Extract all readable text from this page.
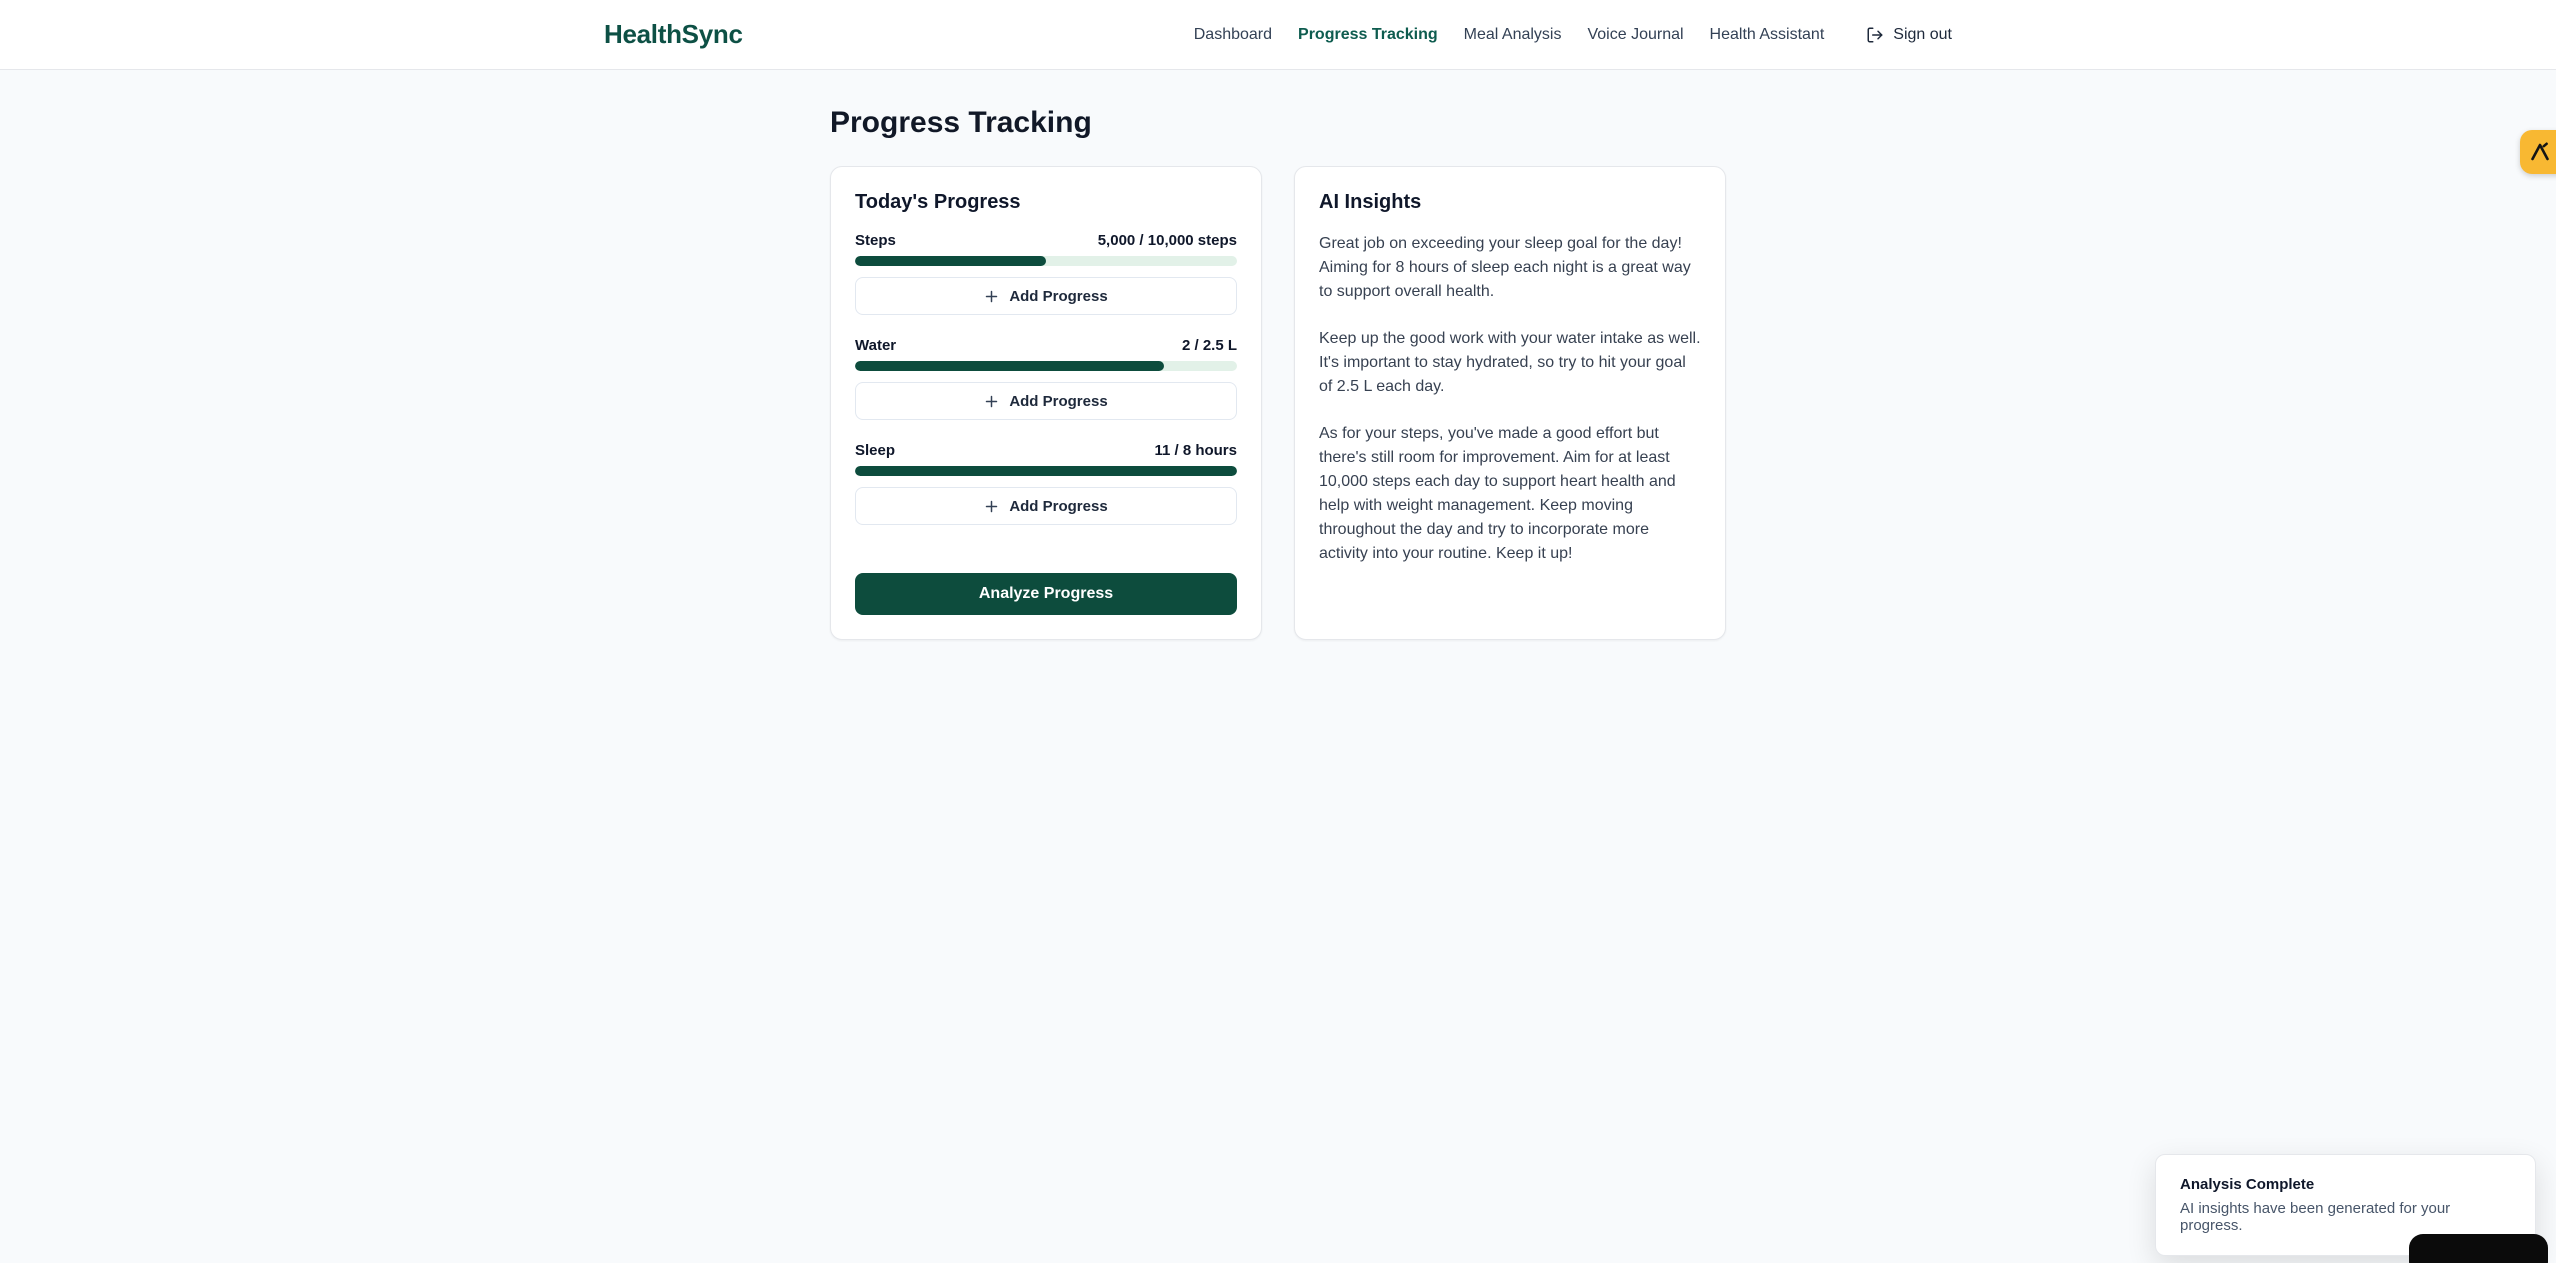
HealthSync	Dashboard Progress Tracking Meal Analysis Voice Journal Health Assistant	Sign out
Progress Tracking
Today's Progress
Steps	5,000 / 10,000 steps
Add Progress
Water	2 / 2.5 L
Add Progress
Sleep	11 / 8 hours
Add Progress
Analyze Progress
AI Insights

Great job on exceeding your sleep goal for the day! Aiming for 8 hours of sleep each night is a great way to support overall health.

Keep up the good work with your water intake as well. It's important to stay hydrated, so try to hit your goal of 2.5 L each day.

As for your steps, you've made a good effort but there's still room for improvement. Aim for at least 10,000 steps each day to support heart health and help with weight management. Keep moving throughout the day and try to incorporate more activity into your routine. Keep it up!

Analysis Complete
AI insights have been generated for your progress.
